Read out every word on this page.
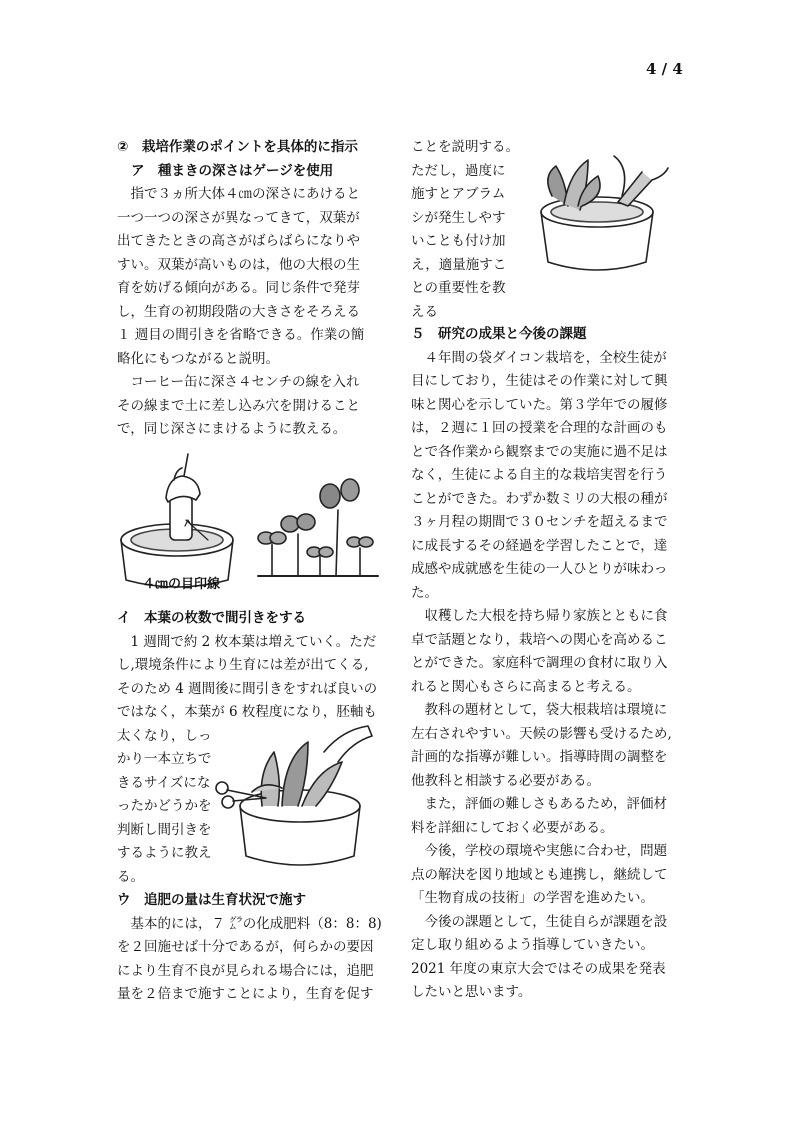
4 / 4

②　栽培作業のポイントを具体的に指示

ア　種まきの深さはゲージを使用

　指で３ヵ所大体４㎝の深さにあけると

一つ一つの深さが異なってきて，双葉が

出てきたときの高さがばらばらになりや

すい。双葉が高いものは，他の大根の生

育を妨げる傾向がある。同じ条件で発芽

し，生育の初期段階の大きさをそろえる

１ 週目の間引きを省略できる。作業の簡

略化にもつながると説明。

　コーヒー缶に深さ４センチの線を入れ

その線まで土に差し込み穴を開けること

で，同じ深さにまけるように教える。

４㎝の目印線

イ　本葉の枚数で間引きをする

　1 週間で約 2 枚本葉は増えていく。ただ

し,環境条件により生育には差が出てくる,

そのため 4 週間後に間引きをすれば良いの

ではなく，本葉が 6 枚程度になり，胚軸も

太くなり，しっ

かり一本立ちで

きるサイズにな

ったかどうかを

判断し間引きを

するように教え

る。

ウ　追肥の量は生育状況で施す

　基本的には，７ ㌘の化成肥料（8：8：8)

を２回施せば十分であるが，何らかの要因

により生育不良が見られる場合には，追肥

量を２倍まで施すことにより，生育を促す

ことを説明する。

ただし，過度に

施すとアブラム

シが発生しやす

いことも付け加

え，適量施すこ

との重要性を教

える

５　研究の成果と今後の課題

　４年間の袋ダイコン栽培を，全校生徒が

目にしており，生徒はその作業に対して興

味と関心を示していた。第３学年での履修

は，２週に１回の授業を合理的な計画のも

とで各作業から観察までの実施に過不足は

なく，生徒による自主的な栽培実習を行う

ことができた。わずか数ミリの大根の種が

３ヶ月程の期間で３０センチを超えるまで

に成長するその経過を学習したことで，達

成感や成就感を生徒の一人ひとりが味わっ

た。

　収穫した大根を持ち帰り家族とともに食

卓で話題となり，栽培への関心を高めるこ

とができた。家庭科で調理の食材に取り入

れると関心もさらに高まると考える。

　教科の題材として，袋大根栽培は環境に

左右されやすい。天候の影響も受けるため,

計画的な指導が難しい。指導時間の調整を

他教科と相談する必要がある。

　また，評価の難しさもあるため，評価材

料を詳細にしておく必要がある。

　今後，学校の環境や実態に合わせ，問題

点の解決を図り地域とも連携し，継続して

「生物育成の技術」の学習を進めたい。

　今後の課題として，生徒自らが課題を設

定し取り組めるよう指導していきたい。

2021 年度の東京大会ではその成果を発表

したいと思います。
